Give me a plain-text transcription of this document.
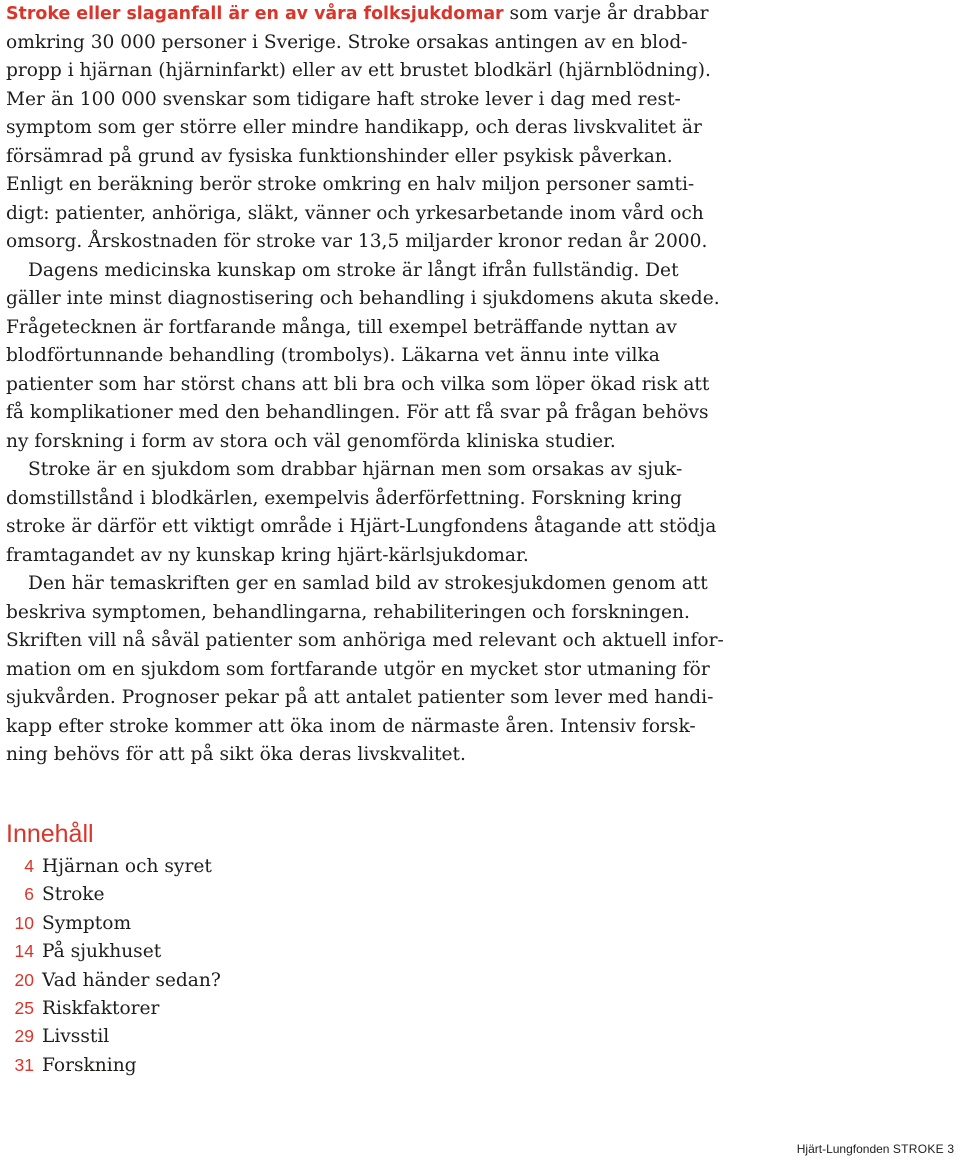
Stroke eller slaganfall är en av våra folksjukdomar som varje år drabbar
omkring 30 000 personer i Sverige. Stroke orsakas antingen av en blod-
propp i hjärnan (hjärninfarkt) eller av ett brustet blodkärl (hjärnblödning).
Mer än 100 000 svenskar som tidigare haft stroke lever i dag med rest-
symptom som ger större eller mindre handikapp, och deras livskvalitet är
försämrad på grund av fysiska funktionshinder eller psykisk påverkan.
Enligt en beräkning berör stroke omkring en halv miljon personer samti-
digt: patienter, anhöriga, släkt, vänner och yrkesarbetande inom vård och
omsorg. Årskostnaden för stroke var 13,5 miljarder kronor redan år 2000.
Dagens medicinska kunskap om stroke är långt ifrån fullständig. Det
gäller inte minst diagnostisering och behandling i sjukdomens akuta skede.
Frågetecknen är fortfarande många, till exempel beträffande nyttan av
blodförtunnande behandling (trombolys). Läkarna vet ännu inte vilka
patienter som har störst chans att bli bra och vilka som löper ökad risk att
få komplikationer med den behandlingen. För att få svar på frågan behövs
ny forskning i form av stora och väl genomförda kliniska studier.
Stroke är en sjukdom som drabbar hjärnan men som orsakas av sjuk-
domstillstånd i blodkärlen, exempelvis åderförfettning. Forskning kring
stroke är därför ett viktigt område i Hjärt-Lungfondens åtagande att stödja
framtagandet av ny kunskap kring hjärt-kärlsjukdomar.
Den här temaskriften ger en samlad bild av strokesjukdomen genom att
beskriva symptomen, behandlingarna, rehabiliteringen och forskningen.
Skriften vill nå såväl patienter som anhöriga med relevant och aktuell infor-
mation om en sjukdom som fortfarande utgör en mycket stor utmaning för
sjukvården. Prognoser pekar på att antalet patienter som lever med handi-
kapp efter stroke kommer att öka inom de närmaste åren. Intensiv forsk-
ning behövs för att på sikt öka deras livskvalitet.
Innehåll
4 Hjärnan och syret
6 Stroke
10 Symptom
14 På sjukhuset
20 Vad händer sedan?
25 Riskfaktorer
29 Livsstil
31 Forskning
Hjärt-Lungfonden STROKE 3
